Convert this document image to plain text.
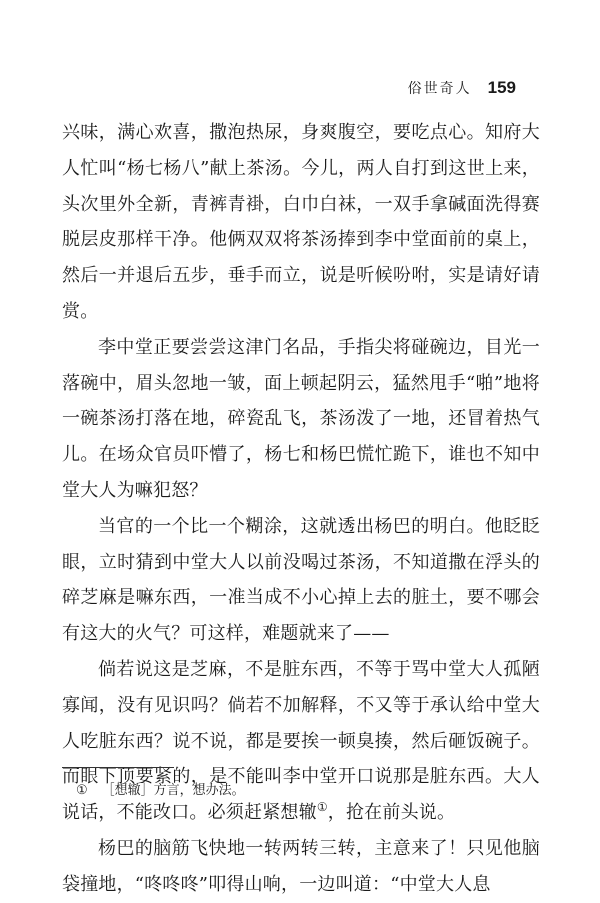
俗世奇人 159

兴味，满心欢喜，撒泡热尿，身爽腹空，要吃点心。知府大人忙叫“杨七杨八”献上茶汤。今儿，两人自打到这世上来，头次里外全新，青裤青褂，白巾白袜，一双手拿碱面洗得赛脱层皮那样干净。他俩双双将茶汤捧到李中堂面前的桌上，然后一并退后五步，垂手而立，说是听候吩咐，实是请好请赏。

李中堂正要尝尝这津门名品，手指尖将碰碗边，目光一落碗中，眉头忽地一皱，面上顿起阴云，猛然甩手“啪”地将一碗茶汤打落在地，碎瓷乱飞，茶汤泼了一地，还冒着热气儿。在场众官员吓懵了，杨七和杨巴慌忙跪下，谁也不知中堂大人为嘛犯怒？

当官的一个比一个糊涂，这就透出杨巴的明白。他眨眨眼，立时猜到中堂大人以前没喝过茶汤，不知道撒在浮头的碎芝麻是嘛东西，一准当成不小心掉上去的脏土，要不哪会有这大的火气？可这样，难题就来了——

倘若说这是芝麻，不是脏东西，不等于骂中堂大人孤陋寡闻，没有见识吗？倘若不加解释，不又等于承认给中堂大人吃脏东西？说不说，都是要挨一顿臭揍，然后砸饭碗子。而眼下顶要紧的，是不能叫李中堂开口说那是脏东西。大人说话，不能改口。必须赶紧想辙①，抢在前头说。

杨巴的脑筋飞快地一转两转三转，主意来了！只见他脑袋撞地，“咚咚咚”叩得山响，一边叫道：“中堂大人息

① ［想辙］方言，想办法。
